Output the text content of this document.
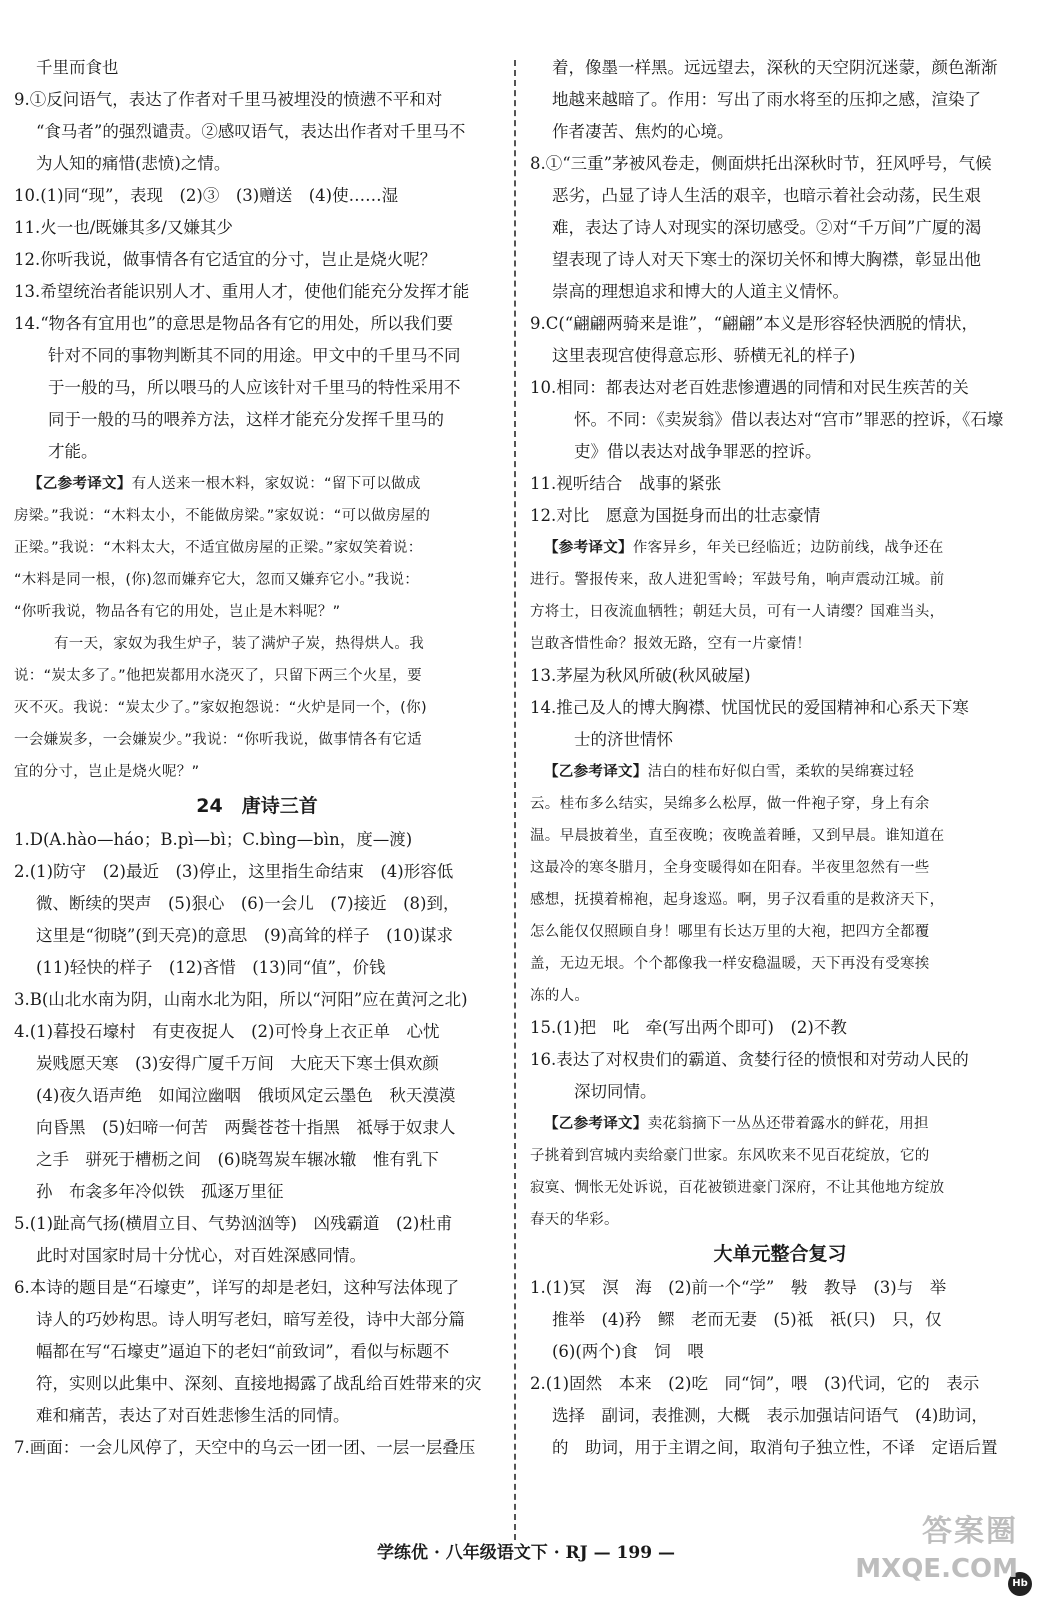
千里而食也
9.①反问语气，表达了作者对千里马被埋没的愤懑不平和对
“食马者”的强烈谴责。②感叹语气，表达出作者对千里马不
为人知的痛惜(悲愤)之情。
10.(1)同“现”，表现　(2)③　(3)赠送　(4)使……湿
11.火一也/既嫌其多/又嫌其少
12.你听我说，做事情各有它适宜的分寸，岂止是烧火呢？
13.希望统治者能识别人才、重用人才，使他们能充分发挥才能
14.“物各有宜用也”的意思是物品各有它的用处，所以我们要
针对不同的事物判断其不同的用途。甲文中的千里马不同
于一般的马，所以喂马的人应该针对千里马的特性采用不
同于一般的马的喂养方法，这样才能充分发挥千里马的
才能。
【乙参考译文】有人送来一根木料，家奴说：“留下可以做成
房梁。”我说：“木料太小，不能做房梁。”家奴说：“可以做房屋的
正梁。”我说：“木料太大，不适宜做房屋的正梁。”家奴笑着说：
“木料是同一根，(你)忽而嫌弃它大，忽而又嫌弃它小。”我说：
“你听我说，物品各有它的用处，岂止是木料呢？”
有一天，家奴为我生炉子，装了满炉子炭，热得烘人。我
说：“炭太多了。”他把炭都用水浇灭了，只留下两三个火星，要
灭不灭。我说：“炭太少了。”家奴抱怨说：“火炉是同一个，(你)
一会嫌炭多，一会嫌炭少。”我说：“你听我说，做事情各有它适
宜的分寸，岂止是烧火呢？”
24　唐诗三首
1.D(A.hào—háo；B.pì—bì；C.bìng—bìn，度—渡)
2.(1)防守　(2)最近　(3)停止，这里指生命结束　(4)形容低
微、断续的哭声　(5)狠心　(6)一会儿　(7)接近　(8)到，
这里是“彻晓”(到天亮)的意思　(9)高耸的样子　(10)谋求
(11)轻快的样子　(12)吝惜　(13)同“值”，价钱
3.B(山北水南为阴，山南水北为阳，所以“河阳”应在黄河之北)
4.(1)暮投石壕村　有吏夜捉人　(2)可怜身上衣正单　心忧
炭贱愿天寒　(3)安得广厦千万间　大庇天下寒士俱欢颜
(4)夜久语声绝　如闻泣幽咽　俄顷风定云墨色　秋天漠漠
向昏黑　(5)妇啼一何苦　两鬓苍苍十指黑　祗辱于奴隶人
之手　骈死于槽枥之间　(6)晓驾炭车辗冰辙　惟有乳下
孙　布衾多年冷似铁　孤逐万里征
5.(1)趾高气扬(横眉立目、气势汹汹等)　凶残霸道　(2)杜甫
此时对国家时局十分忧心，对百姓深感同情。
6.本诗的题目是“石壕吏”，详写的却是老妇，这种写法体现了
诗人的巧妙构思。诗人明写老妇，暗写差役，诗中大部分篇
幅都在写“石壕吏”逼迫下的老妇“前致词”，看似与标题不
符，实则以此集中、深刻、直接地揭露了战乱给百姓带来的灾
难和痛苦，表达了对百姓悲惨生活的同情。
7.画面：一会儿风停了，天空中的乌云一团一团、一层一层叠压
着，像墨一样黑。远远望去，深秋的天空阴沉迷蒙，颜色渐渐
地越来越暗了。作用：写出了雨水将至的压抑之感，渲染了
作者凄苦、焦灼的心境。
8.①“三重”茅被风卷走，侧面烘托出深秋时节，狂风呼号，气候
恶劣，凸显了诗人生活的艰辛，也暗示着社会动荡，民生艰
难，表达了诗人对现实的深切感受。②对“千万间”广厦的渴
望表现了诗人对天下寒士的深切关怀和博大胸襟，彰显出他
崇高的理想追求和博大的人道主义情怀。
9.C(“翩翩两骑来是谁”，“翩翩”本义是形容轻快洒脱的情状，
这里表现宫使得意忘形、骄横无礼的样子)
10.相同：都表达对老百姓悲惨遭遇的同情和对民生疾苦的关
怀。不同：《卖炭翁》借以表达对“宫市”罪恶的控诉，《石壕
吏》借以表达对战争罪恶的控诉。
11.视听结合　战事的紧张
12.对比　愿意为国挺身而出的壮志豪情
【参考译文】作客异乡，年关已经临近；边防前线，战争还在
进行。警报传来，敌人进犯雪岭；军鼓号角，响声震动江城。前
方将士，日夜流血牺牲；朝廷大员，可有一人请缨？国难当头，
岂敢吝惜性命？报效无路，空有一片豪情！
13.茅屋为秋风所破(秋风破屋)
14.推己及人的博大胸襟、忧国忧民的爱国精神和心系天下寒
士的济世情怀
【乙参考译文】洁白的桂布好似白雪，柔软的吴绵赛过轻
云。桂布多么结实，吴绵多么松厚，做一件袍子穿，身上有余
温。早晨披着坐，直至夜晚；夜晚盖着睡，又到早晨。谁知道在
这最冷的寒冬腊月，全身变暖得如在阳春。半夜里忽然有一些
感想，抚摸着棉袍，起身逡巡。啊，男子汉看重的是救济天下，
怎么能仅仅照顾自身！哪里有长达万里的大袍，把四方全都覆
盖，无边无垠。个个都像我一样安稳温暖，天下再没有受寒挨
冻的人。
15.(1)把　叱　牵(写出两个即可)　(2)不教
16.表达了对权贵们的霸道、贪婪行径的愤恨和对劳动人民的
深切同情。
【乙参考译文】卖花翁摘下一丛丛还带着露水的鲜花，用担
子挑着到宫城内卖给豪门世家。东风吹来不见百花绽放，它的
寂寞、惆怅无处诉说，百花被锁进豪门深府，不让其他地方绽放
春天的华彩。
大单元整合复习
1.(1)冥　溟　海　(2)前一个“学”　斅　教导　(3)与　举
推举　(4)矜　鳏　老而无妻　(5)祗　祇(只)　只，仅
(6)(两个)食　饲　喂
2.(1)固然　本来　(2)吃　同“饲”，喂　(3)代词，它的　表示
选择　副词，表推测，大概　表示加强诘问语气　(4)助词，
的　助词，用于主谓之间，取消句子独立性，不译　定语后置
学练优 · 八年级语文下 · RJ — 199 —
Hb
答案圈
MXQE.COM
